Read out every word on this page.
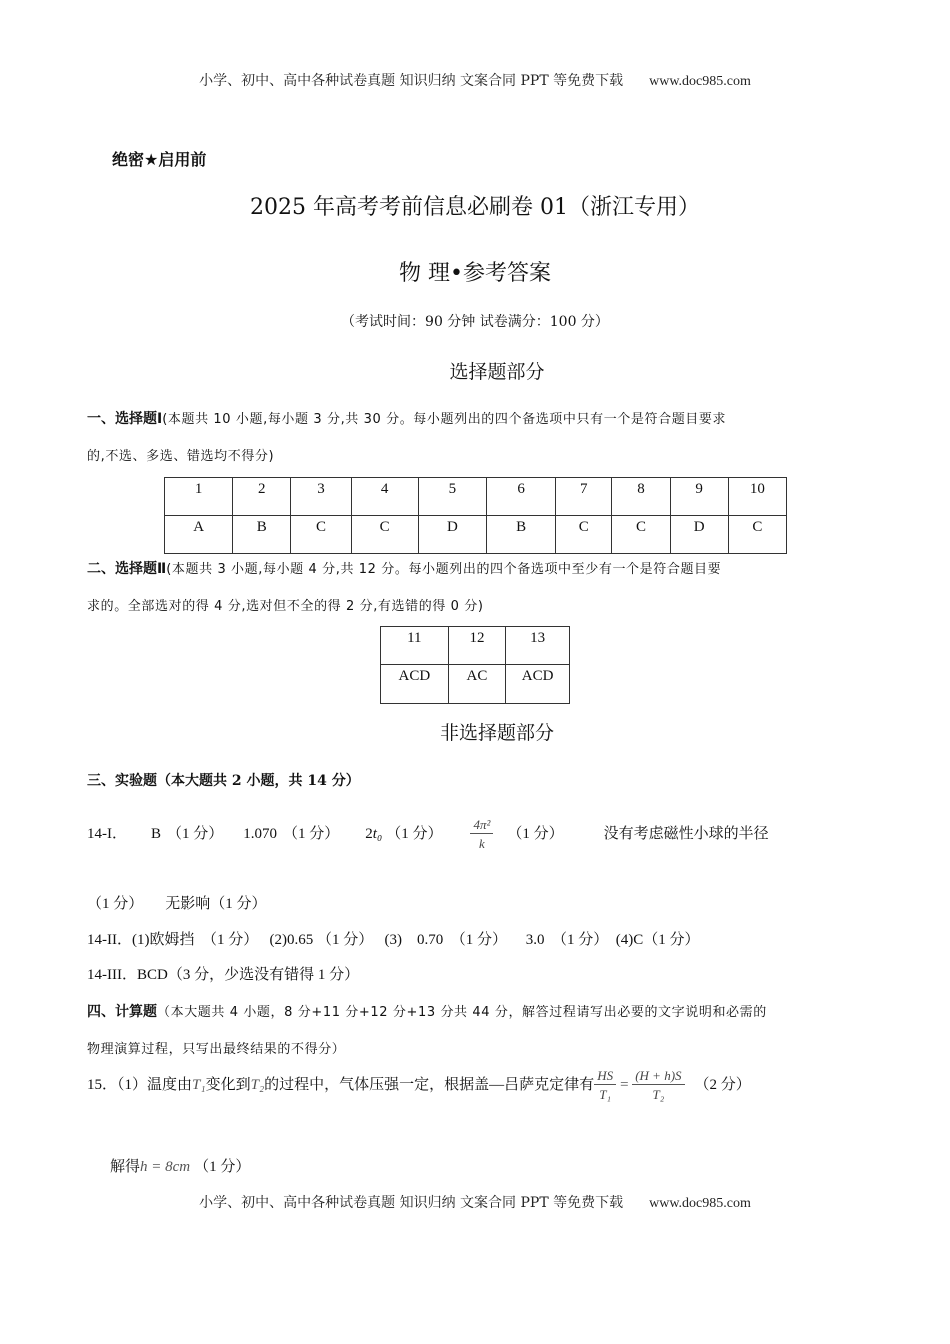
小学、初中、高中各种试卷真题 知识归纳 文案合同 PPT 等免费下载 www.doc985.com
绝密★启用前
2025 年高考考前信息必刷卷 01（浙江专用）
物 理•参考答案
（考试时间：90 分钟 试卷满分：100 分）
选择题部分
一、选择题Ⅰ(本题共 10 小题,每小题 3 分,共 30 分。每小题列出的四个备选项中只有一个是符合题目要求
的,不选、多选、错选均不得分)
1	2	3	4	5	6	7	8	9	10
A	B	C	C	D	B	C	C	D	C
二、选择题Ⅱ(本题共 3 小题,每小题 4 分,共 12 分。每小题列出的四个备选项中至少有一个是符合题目要
求的。全部选对的得 4 分,选对但不全的得 2 分,有选错的得 0 分)
11	12	13
ACD	AC	ACD
非选择题部分
三、实验题（本大题共 2 小题，共 14 分）
14-I． B （1 分） 1.070 （1 分） 2t₀ （1 分） $\frac{\text{4π²}}{k} (1$ 分）	没有考虑磁性小球的半径
（1 分） 无影响（1 分）
14-II．(1)欧姆挡  （1 分）   (2)0.65 （1 分）   (3)    0.70  （1 分）     3.0  （1 分）  (4)C（1 分）
14-III．BCD（3 分，少选没有错得 1 分）
四、计算题（本大题共 4 小题，8 分+11 分+12 分+13 分共 44 分，解答过程请写出必要的文字说明和必需的
物理演算过程，只写出最终结果的不得分）
15．（1）温度由T₁变化到T₂的过程中，气体压强一定，根据盖—吕萨克定律有 $\frac{HS}{\text{T₁}} = \frac{(H + h)S}{\text{T₂}} (2$ 分）
解得h = 8cm （1 分）
小学、初中、高中各种试卷真题 知识归纳 文案合同 PPT 等免费下载 www.doc985.com
